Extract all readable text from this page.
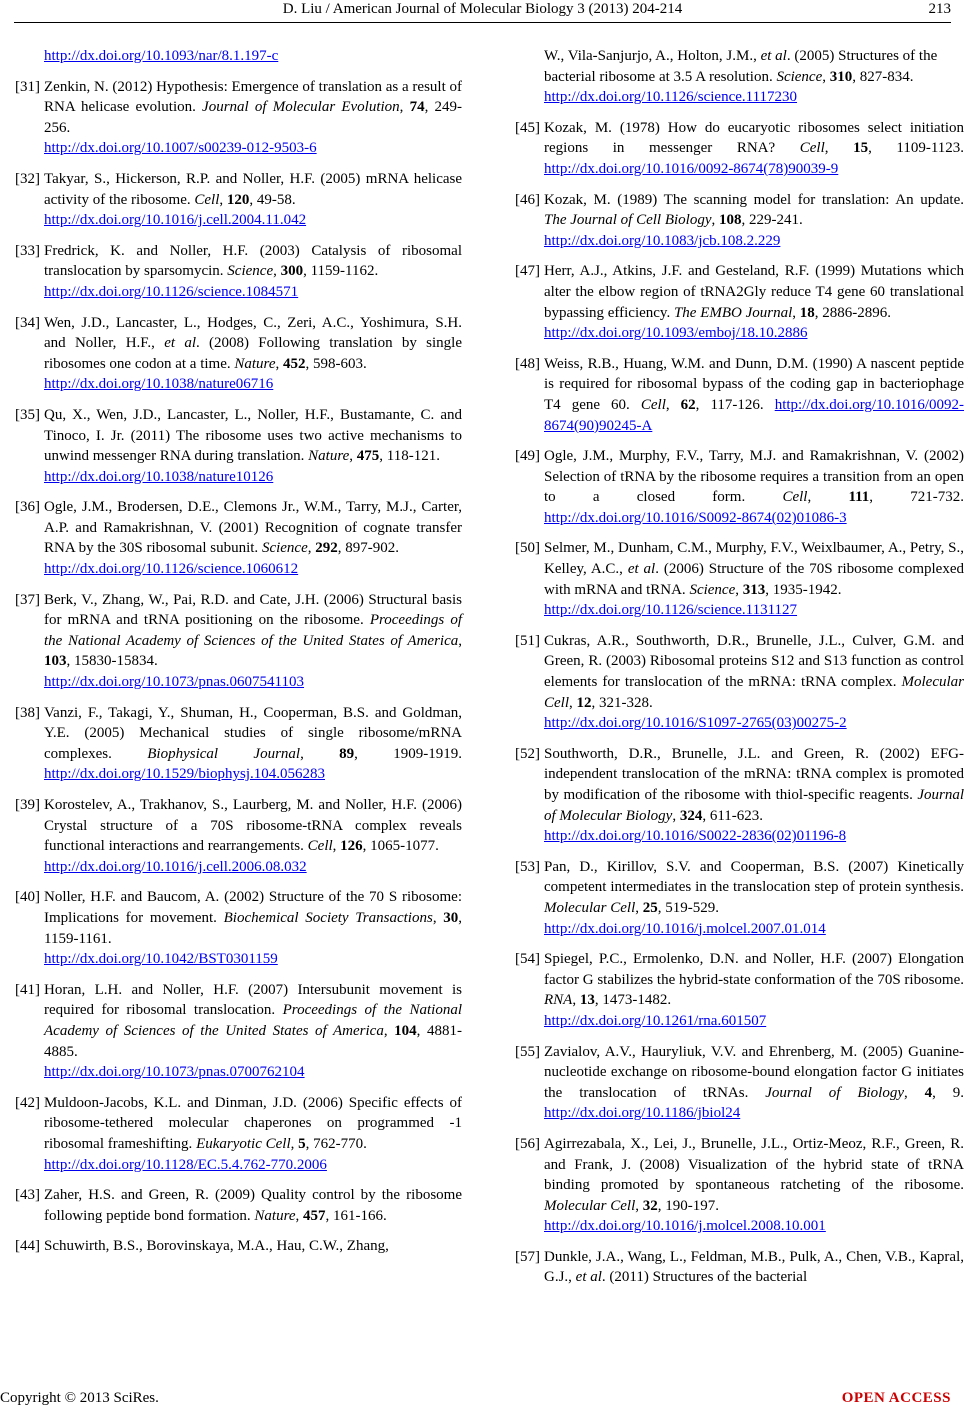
D. Liu / American Journal of Molecular Biology 3 (2013) 204-214	213
http://dx.doi.org/10.1093/nar/8.1.197-c
[31] Zenkin, N. (2012) Hypothesis: Emergence of translation as a result of RNA helicase evolution. Journal of Molecular Evolution, 74, 249-256.
http://dx.doi.org/10.1007/s00239-012-9503-6
[32] Takyar, S., Hickerson, R.P. and Noller, H.F. (2005) mRNA helicase activity of the ribosome. Cell, 120, 49-58.
http://dx.doi.org/10.1016/j.cell.2004.11.042
[33] Fredrick, K. and Noller, H.F. (2003) Catalysis of ribosomal translocation by sparsomycin. Science, 300, 1159-1162.
http://dx.doi.org/10.1126/science.1084571
[34] Wen, J.D., Lancaster, L., Hodges, C., Zeri, A.C., Yoshimura, S.H. and Noller, H.F., et al. (2008) Following translation by single ribosomes one codon at a time. Nature, 452, 598-603.
http://dx.doi.org/10.1038/nature06716
[35] Qu, X., Wen, J.D., Lancaster, L., Noller, H.F., Bustamante, C. and Tinoco, I. Jr. (2011) The ribosome uses two active mechanisms to unwind messenger RNA during translation. Nature, 475, 118-121.
http://dx.doi.org/10.1038/nature10126
[36] Ogle, J.M., Brodersen, D.E., Clemons Jr., W.M., Tarry, M.J., Carter, A.P. and Ramakrishnan, V. (2001) Recognition of cognate transfer RNA by the 30S ribosomal subunit. Science, 292, 897-902.
http://dx.doi.org/10.1126/science.1060612
[37] Berk, V., Zhang, W., Pai, R.D. and Cate, J.H. (2006) Structural basis for mRNA and tRNA positioning on the ribosome. Proceedings of the National Academy of Sciences of the United States of America, 103, 15830-15834.
http://dx.doi.org/10.1073/pnas.0607541103
[38] Vanzi, F., Takagi, Y., Shuman, H., Cooperman, B.S. and Goldman, Y.E. (2005) Mechanical studies of single ribosome/mRNA complexes. Biophysical Journal, 89, 1909-1919. http://dx.doi.org/10.1529/biophysj.104.056283
[39] Korostelev, A., Trakhanov, S., Laurberg, M. and Noller, H.F. (2006) Crystal structure of a 70S ribosome-tRNA complex reveals functional interactions and rearrangements. Cell, 126, 1065-1077.
http://dx.doi.org/10.1016/j.cell.2006.08.032
[40] Noller, H.F. and Baucom, A. (2002) Structure of the 70 S ribosome: Implications for movement. Biochemical Society Transactions, 30, 1159-1161.
http://dx.doi.org/10.1042/BST0301159
[41] Horan, L.H. and Noller, H.F. (2007) Intersubunit movement is required for ribosomal translocation. Proceedings of the National Academy of Sciences of the United States of America, 104, 4881-4885.
http://dx.doi.org/10.1073/pnas.0700762104
[42] Muldoon-Jacobs, K.L. and Dinman, J.D. (2006) Specific effects of ribosome-tethered molecular chaperones on programmed -1 ribosomal frameshifting. Eukaryotic Cell, 5, 762-770.
http://dx.doi.org/10.1128/EC.5.4.762-770.2006
[43] Zaher, H.S. and Green, R. (2009) Quality control by the ribosome following peptide bond formation. Nature, 457, 161-166.
[44] Schuwirth, B.S., Borovinskaya, M.A., Hau, C.W., Zhang,
W., Vila-Sanjurjo, A., Holton, J.M., et al. (2005) Structures of the bacterial ribosome at 3.5 A resolution. Science, 310, 827-834.
http://dx.doi.org/10.1126/science.1117230
[45] Kozak, M. (1978) How do eucaryotic ribosomes select initiation regions in messenger RNA? Cell, 15, 1109-1123. http://dx.doi.org/10.1016/0092-8674(78)90039-9
[46] Kozak, M. (1989) The scanning model for translation: An update. The Journal of Cell Biology, 108, 229-241.
http://dx.doi.org/10.1083/jcb.108.2.229
[47] Herr, A.J., Atkins, J.F. and Gesteland, R.F. (1999) Mutations which alter the elbow region of tRNA2Gly reduce T4 gene 60 translational bypassing efficiency. The EMBO Journal, 18, 2886-2896.
http://dx.doi.org/10.1093/emboj/18.10.2886
[48] Weiss, R.B., Huang, W.M. and Dunn, D.M. (1990) A nascent peptide is required for ribosomal bypass of the coding gap in bacteriophage T4 gene 60. Cell, 62, 117-126. http://dx.doi.org/10.1016/0092-8674(90)90245-A
[49] Ogle, J.M., Murphy, F.V., Tarry, M.J. and Ramakrishnan, V. (2002) Selection of tRNA by the ribosome requires a transition from an open to a closed form. Cell, 111, 721-732. http://dx.doi.org/10.1016/S0092-8674(02)01086-3
[50] Selmer, M., Dunham, C.M., Murphy, F.V., Weixlbaumer, A., Petry, S., Kelley, A.C., et al. (2006) Structure of the 70S ribosome complexed with mRNA and tRNA. Science, 313, 1935-1942.
http://dx.doi.org/10.1126/science.1131127
[51] Cukras, A.R., Southworth, D.R., Brunelle, J.L., Culver, G.M. and Green, R. (2003) Ribosomal proteins S12 and S13 function as control elements for translocation of the mRNA: tRNA complex. Molecular Cell, 12, 321-328.
http://dx.doi.org/10.1016/S1097-2765(03)00275-2
[52] Southworth, D.R., Brunelle, J.L. and Green, R. (2002) EFG-independent translocation of the mRNA: tRNA complex is promoted by modification of the ribosome with thiol-specific reagents. Journal of Molecular Biology, 324, 611-623.
http://dx.doi.org/10.1016/S0022-2836(02)01196-8
[53] Pan, D., Kirillov, S.V. and Cooperman, B.S. (2007) Kinetically competent intermediates in the translocation step of protein synthesis. Molecular Cell, 25, 519-529.
http://dx.doi.org/10.1016/j.molcel.2007.01.014
[54] Spiegel, P.C., Ermolenko, D.N. and Noller, H.F. (2007) Elongation factor G stabilizes the hybrid-state conformation of the 70S ribosome. RNA, 13, 1473-1482.
http://dx.doi.org/10.1261/rna.601507
[55] Zavialov, A.V., Hauryliuk, V.V. and Ehrenberg, M. (2005) Guanine-nucleotide exchange on ribosome-bound elongation factor G initiates the translocation of tRNAs. Journal of Biology, 4, 9. http://dx.doi.org/10.1186/jbiol24
[56] Agirrezabala, X., Lei, J., Brunelle, J.L., Ortiz-Meoz, R.F., Green, R. and Frank, J. (2008) Visualization of the hybrid state of tRNA binding promoted by spontaneous ratcheting of the ribosome. Molecular Cell, 32, 190-197.
http://dx.doi.org/10.1016/j.molcel.2008.10.001
[57] Dunkle, J.A., Wang, L., Feldman, M.B., Pulk, A., Chen, V.B., Kapral, G.J., et al. (2011) Structures of the bacterial
Copyright © 2013 SciRes.	OPEN ACCESS
